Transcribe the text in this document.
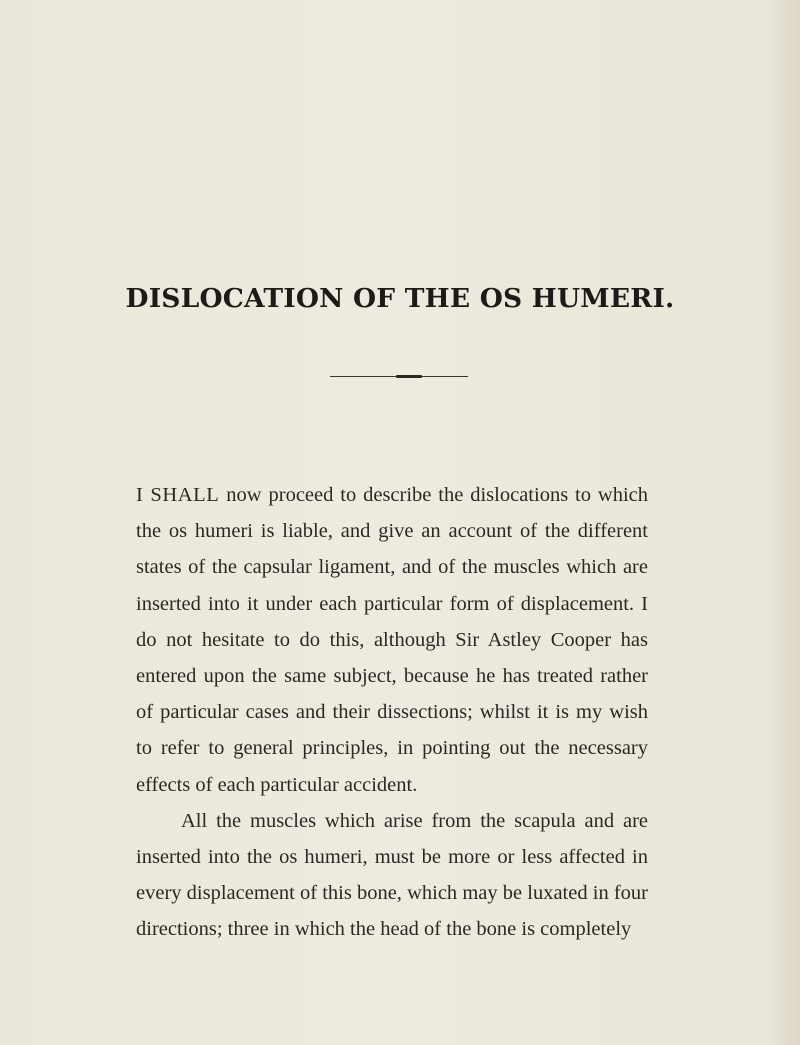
DISLOCATION OF THE OS HUMERI.

I SHALL now proceed to describe the dislocations to which the os humeri is liable, and give an account of the different states of the capsular ligament, and of the muscles which are inserted into it under each particular form of displacement. I do not hesitate to do this, although Sir Astley Cooper has entered upon the same subject, because he has treated rather of particular cases and their dissections; whilst it is my wish to refer to general principles, in pointing out the necessary effects of each particular accident.

All the muscles which arise from the scapula and are inserted into the os humeri, must be more or less affected in every displacement of this bone, which may be luxated in four directions; three in which the head of the bone is completely
